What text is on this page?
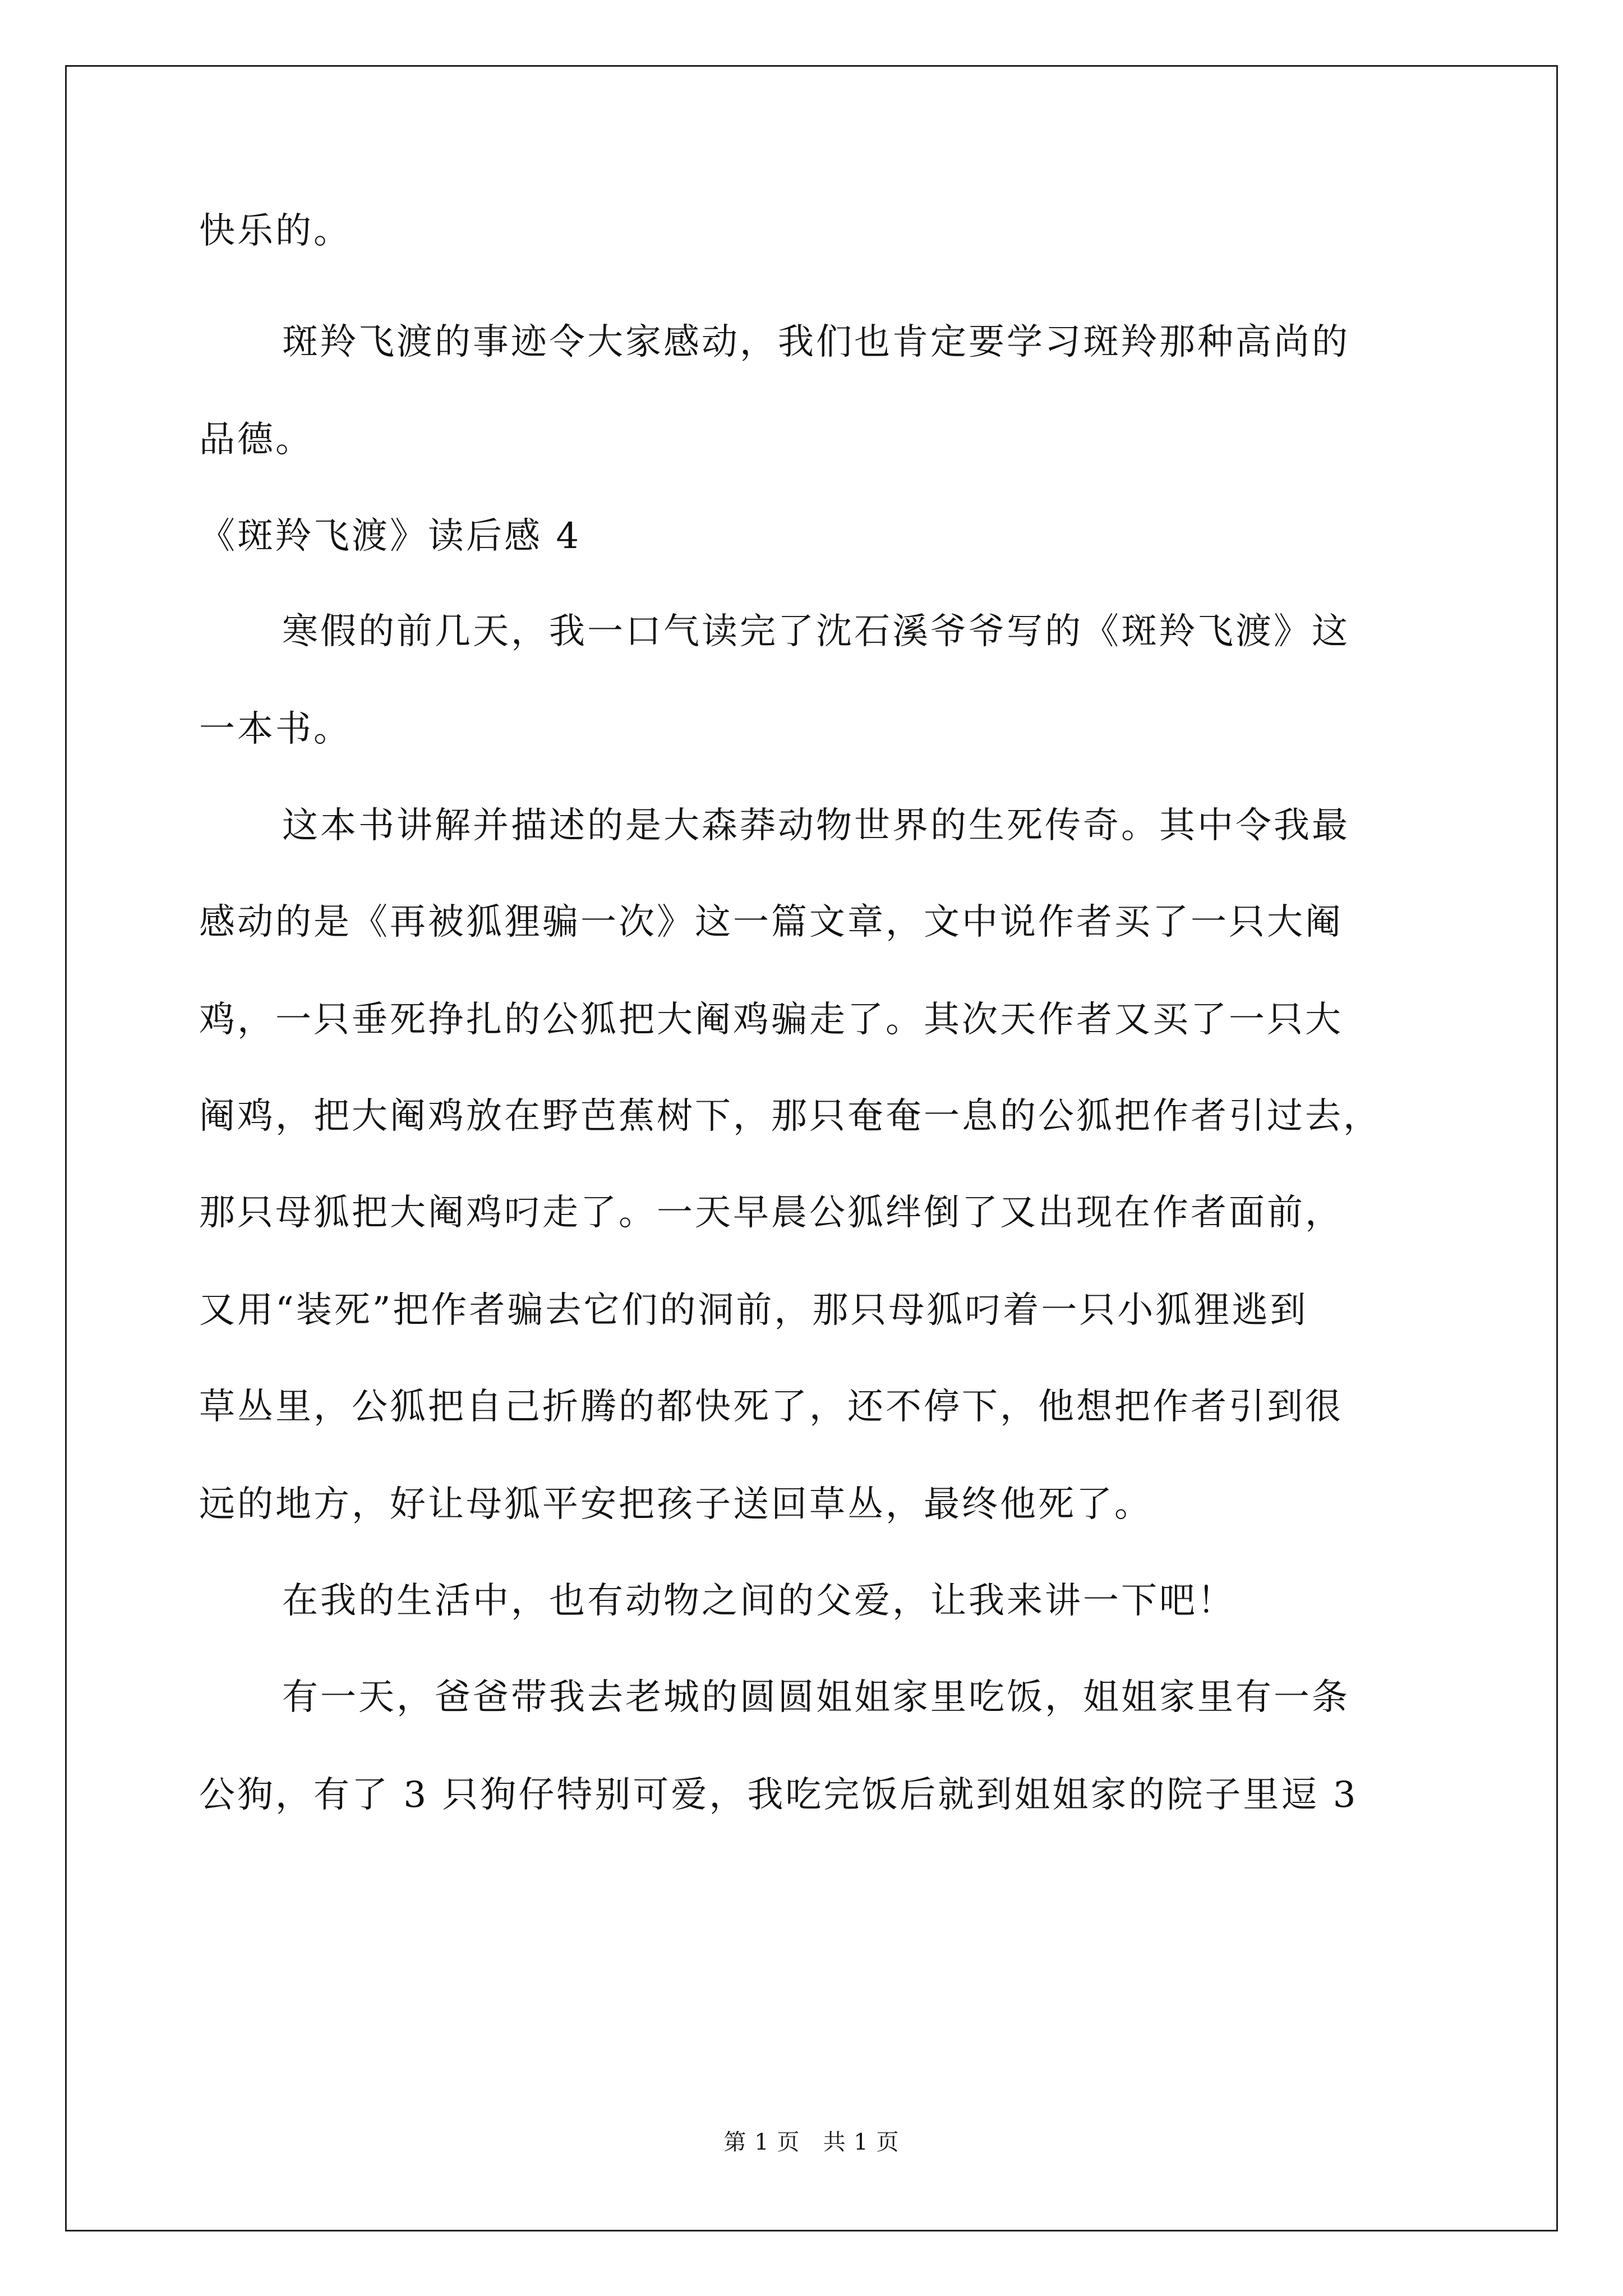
快乐的。
斑羚飞渡的事迹令大家感动，我们也肯定要学习斑羚那种高尚的
品德。
《斑羚飞渡》读后感 4
寒假的前几天，我一口气读完了沈石溪爷爷写的《斑羚飞渡》这
一本书。
这本书讲解并描述的是大森莽动物世界的生死传奇。其中令我最
感动的是《再被狐狸骗一次》这一篇文章，文中说作者买了一只大阉
鸡，一只垂死挣扎的公狐把大阉鸡骗走了。其次天作者又买了一只大
阉鸡，把大阉鸡放在野芭蕉树下，那只奄奄一息的公狐把作者引过去，
那只母狐把大阉鸡叼走了。一天早晨公狐绊倒了又出现在作者面前，
又用“装死”把作者骗去它们的洞前，那只母狐叼着一只小狐狸逃到
草丛里，公狐把自己折腾的都快死了，还不停下，他想把作者引到很
远的地方，好让母狐平安把孩子送回草丛，最终他死了。
在我的生活中，也有动物之间的父爱，让我来讲一下吧！
有一天，爸爸带我去老城的圆圆姐姐家里吃饭，姐姐家里有一条
公狗，有了 3 只狗仔特别可爱，我吃完饭后就到姐姐家的院子里逗 3
第 1 页   共 1 页
